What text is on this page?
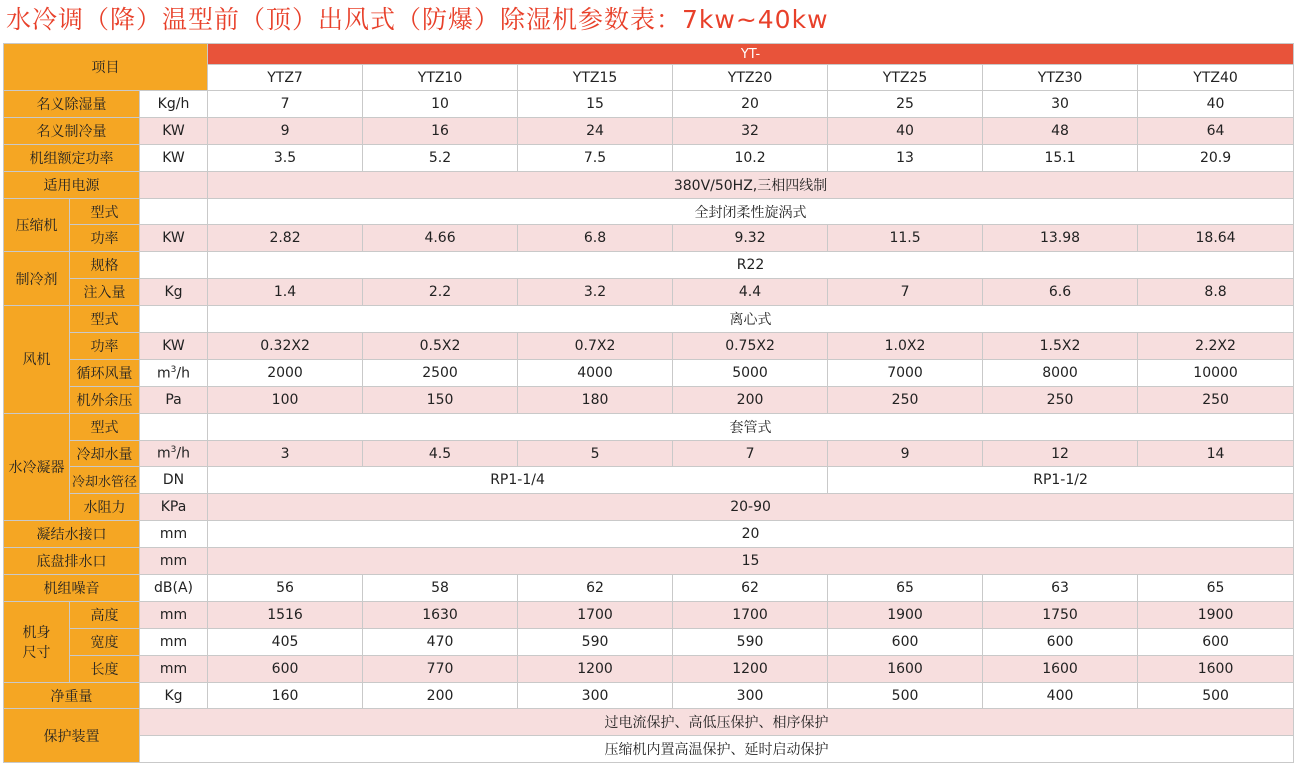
水冷调（降）温型前（顶）出风式（防爆）除湿机参数表：7kw~40kw
项目			YT-						
			YTZ7	YTZ10	YTZ15	YTZ20	YTZ25	YTZ30	YTZ40
名义除湿量		Kg/h	7	10	15	20	25	30	40
名义制冷量		KW	9	16	24	32	40	48	64
机组额定功率		KW	3.5	5.2	7.5	10.2	13	15.1	20.9
适用电源			380V/50HZ,三相四线制						
压缩机	型式		全封闭柔性旋涡式						
	功率	KW	2.82	4.66	6.8	9.32	11.5	13.98	18.64
制冷剂	规格		R22						
	注入量	Kg	1.4	2.2	3.2	4.4	7	6.6	8.8
风机	型式		离心式						
	功率	KW	0.32X2	0.5X2	0.7X2	0.75X2	1.0X2	1.5X2	2.2X2
	循环风量	$m^3/h$	2000	2500	4000	5000	7000	8000	10000
	机外余压	Pa	100	150	180	200	250	250	250
水冷凝器	型式		套管式						
	冷却水量	$m^3/h$	3	4.5	5	7	9	12	14
	冷却水管径	DN	RP1-1/4				RP1-1/2		
	水阻力	KPa	20-90						
凝结水接口		mm	20						
底盘排水口		mm	15						
机组噪音		dB(A)	56	58	62	62	65	63	65
机身
尺寸	高度	mm	1516	1630	1700	1700	1900	1750	1900
	宽度	mm	405	470	590	590	600	600	600
	长度	mm	600	770	1200	1200	1600	1600	1600
净重量		Kg	160	200	300	300	500	400	500
保护装置		过电流保护、高低压保护、相序保护							
		压缩机内置高温保护、延时启动保护							
